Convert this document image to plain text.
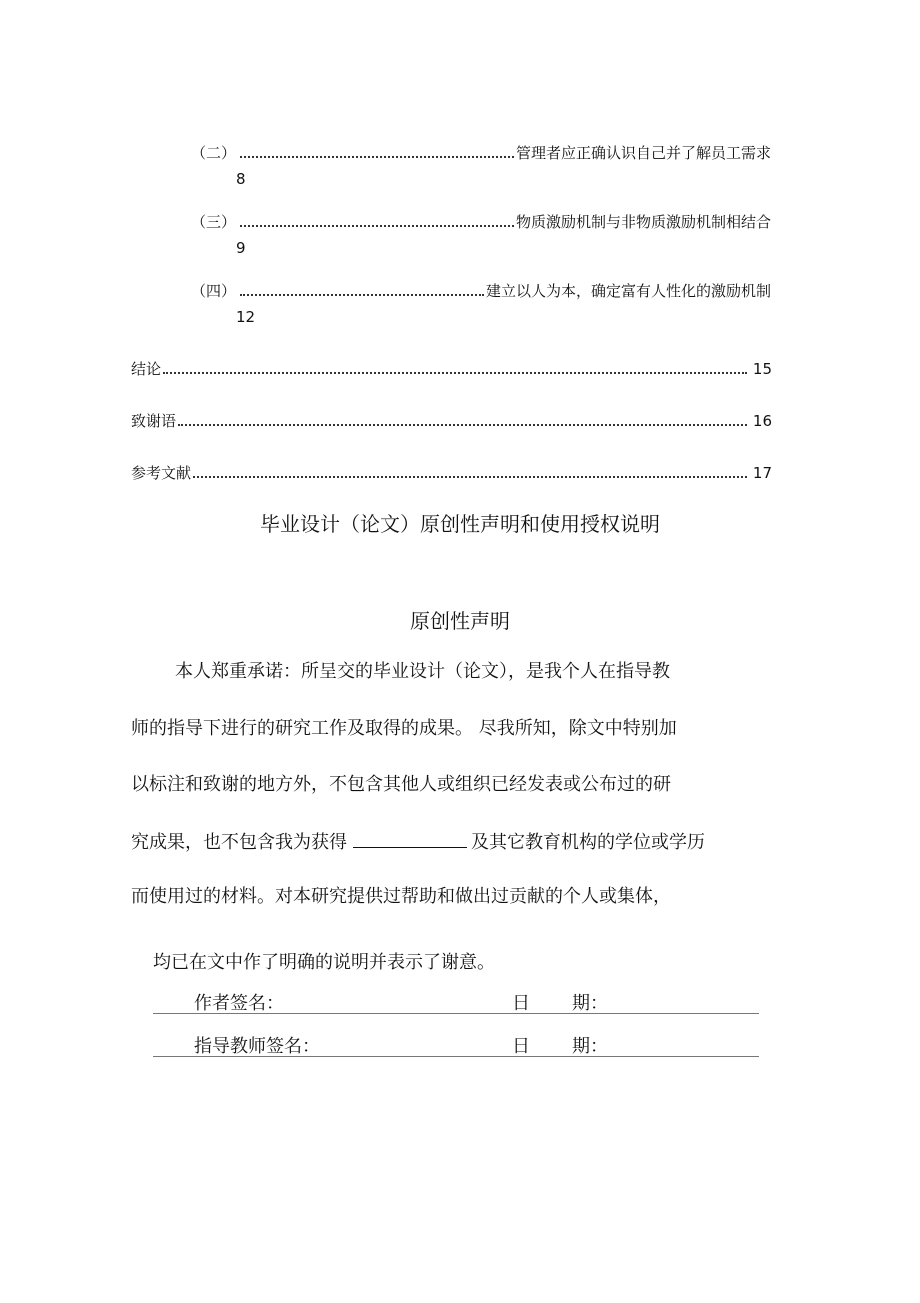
（二）	管理者应正确认识自己并了解员工需求
8
（三）	物质激励机制与非物质激励机制相结合
9
（四）	建立以人为本，确定富有人性化的激励机制
12
结论	15
致谢语	16
参考文献	17
毕业设计（论文）原创性声明和使用授权说明
原创性声明
本人郑重承诺：所呈交的毕业设计（论文），是我个人在指导教
师的指导下进行的研究工作及取得的成果。 尽我所知，除文中特别加
以标注和致谢的地方外，不包含其他人或组织已经发表或公布过的研
究成果，也不包含我为获得	及其它教育机构的学位或学历
而使用过的材料。对本研究提供过帮助和做出过贡献的个人或集体，
均已在文中作了明确的说明并表示了谢意。
作者签名：	日 期：
指导教师签名：	日 期：
